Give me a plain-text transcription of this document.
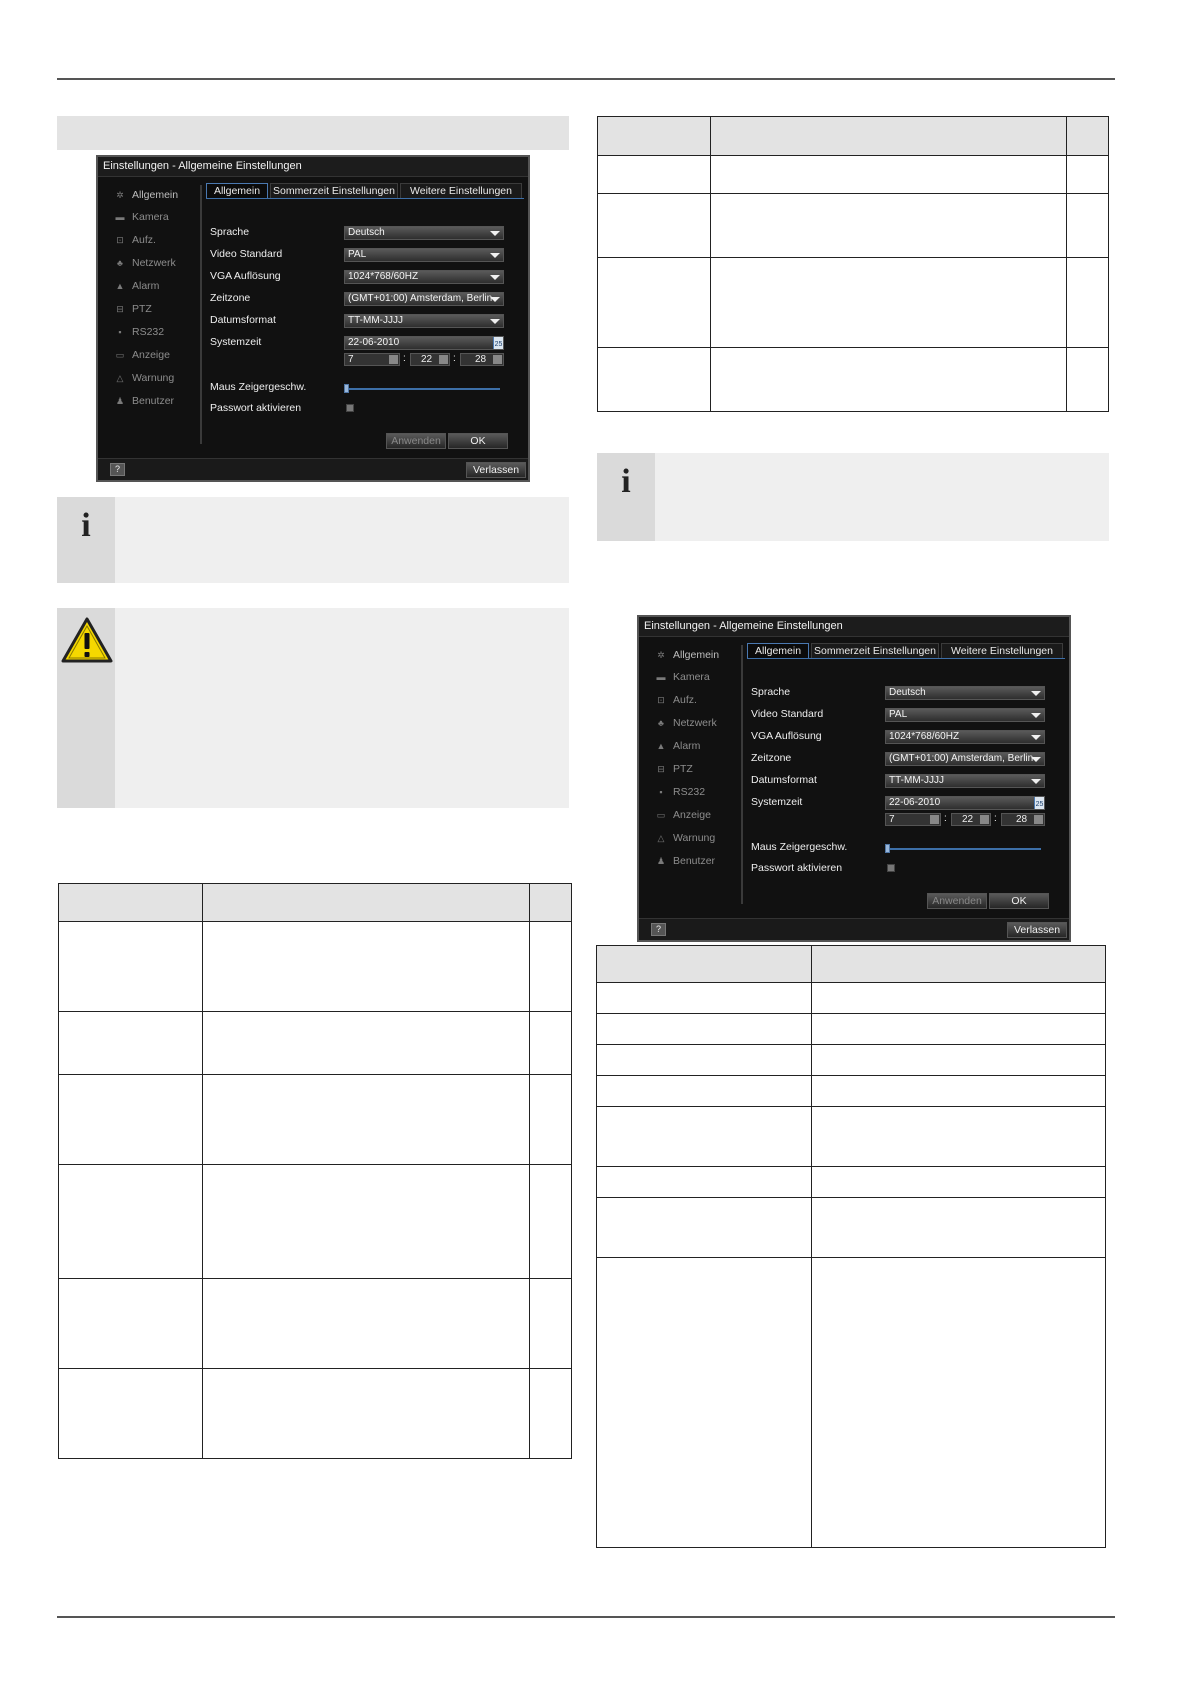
Einstellungen - Allgemeine Einstellungen
✲ Allgemein
▬ Kamera
⊡ Aufz.
♣ Netzwerk
▲ Alarm
⊟ PTZ
▪ RS232
▭ Anzeige
△ Warnung
♟ Benutzer
Allgemein	Sommerzeit Einstellungen	Weitere Einstellungen
Sprache	Deutsch
Video Standard	PAL
VGA Auflösung	1024*768/60HZ
Zeitzone	(GMT+01:00) Amsterdam, Berlin
Datumsformat	TT-MM-JJJJ
Systemzeit	22-06-2010	25
7	:	22	:	28
Maus Zeigergeschw.
Passwort aktivieren
Anwenden	OK
?	Verlassen
i

i
Einstellungen - Allgemeine Einstellungen
✲ Allgemein
▬ Kamera
⊡ Aufz.
♣ Netzwerk
▲ Alarm
⊟ PTZ
▪ RS232
▭ Anzeige
△ Warnung
♟ Benutzer
Allgemein	Sommerzeit Einstellungen	Weitere Einstellungen
Sprache	Deutsch
Video Standard	PAL
VGA Auflösung	1024*768/60HZ
Zeitzone	(GMT+01:00) Amsterdam, Berlin
Datumsformat	TT-MM-JJJJ
Systemzeit	22-06-2010	25
7	:	22	:	28
Maus Zeigergeschw.
Passwort aktivieren
Anwenden	OK
?	Verlassen
